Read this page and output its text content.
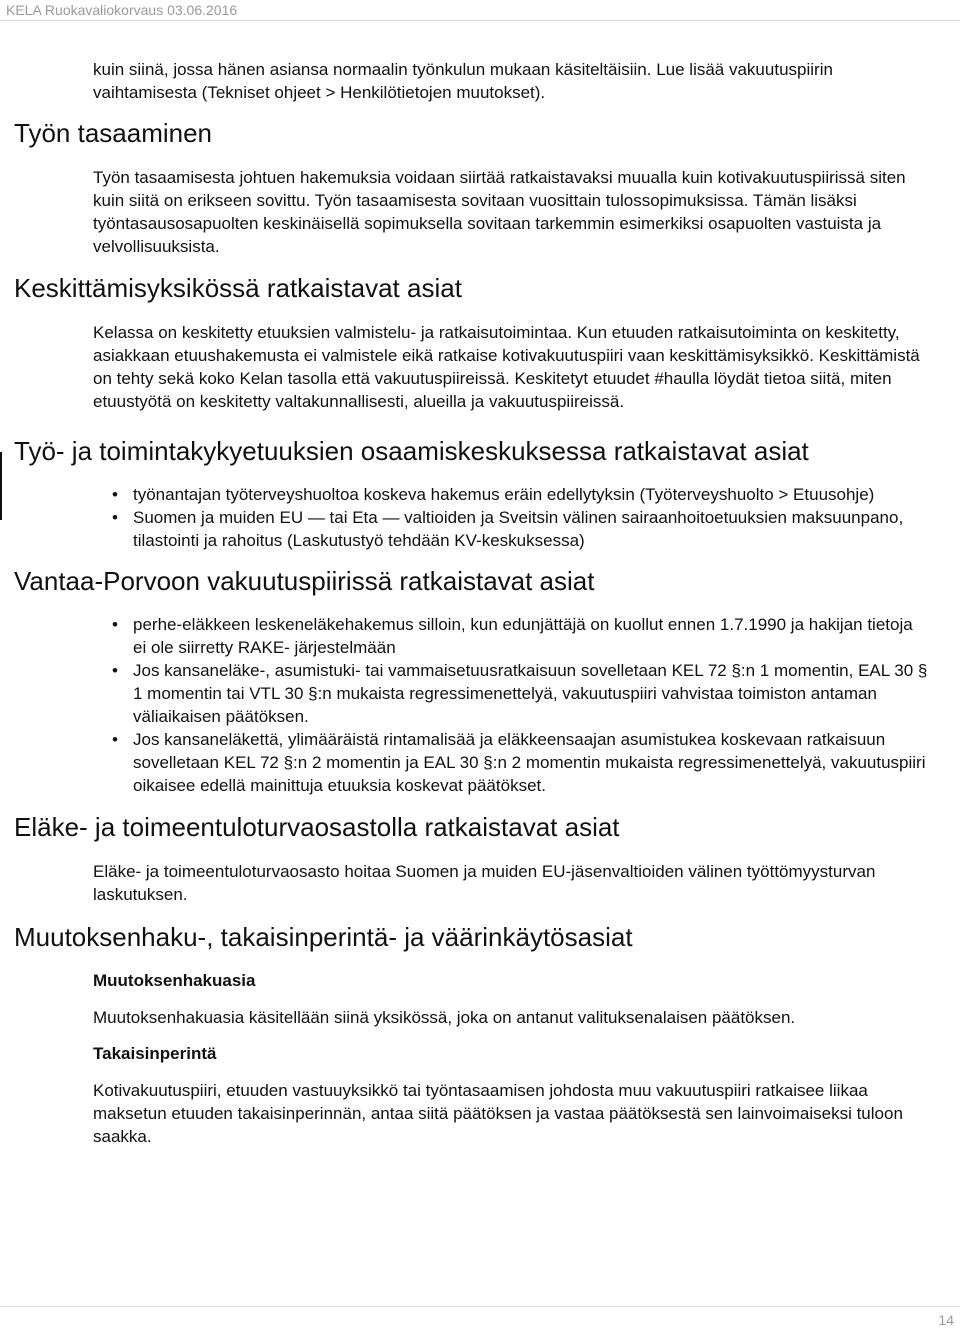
KELA Ruokavaliokorvaus 03.06.2016

kuin siinä, jossa hänen asiansa normaalin työnkulun mukaan käsiteltäisiin. Lue lisää vakuutuspiirin vaihtamisesta (Tekniset ohjeet > Henkilötietojen muutokset).

Työn tasaaminen

Työn tasaamisesta johtuen hakemuksia voidaan siirtää ratkaistavaksi muualla kuin kotivakuutuspiirissä siten kuin siitä on erikseen sovittu. Työn tasaamisesta sovitaan vuosittain tulossopimuksissa. Tämän lisäksi työntasausosapuolten keskinäisellä sopimuksella sovitaan tarkemmin esimerkiksi osapuolten vastuista ja velvollisuuksista.

Keskittämisyksikössä ratkaistavat asiat

Kelassa on keskitetty etuuksien valmistelu- ja ratkaisutoimintaa. Kun etuuden ratkaisutoiminta on keskitetty, asiakkaan etuushakemusta ei valmistele eikä ratkaise kotivakuutuspiiri vaan keskittämisyksikkö. Keskittämistä on tehty sekä koko Kelan tasolla että vakuutuspiireissä. Keskitetyt etuudet #haulla löydät tietoa siitä, miten etuustyötä on keskitetty valtakunnallisesti, alueilla ja vakuutuspiireissä.

Työ- ja toimintakykyetuuksien osaamiskeskuksessa ratkaistavat asiat
• työnantajan työterveyshuoltoa koskeva hakemus eräin edellytyksin (Työterveyshuolto > Etuusohje)
• Suomen ja muiden EU — tai Eta — valtioiden ja Sveitsin välinen sairaanhoitoetuuksien maksuunpano, tilastointi ja rahoitus (Laskutustyö tehdään KV-keskuksessa)
Vantaa-Porvoon vakuutuspiirissä ratkaistavat asiat
• perhe-eläkkeen leskeneläkehakemus silloin, kun edunjättäjä on kuollut ennen 1.7.1990 ja hakijan tietoja ei ole siirretty RAKE- järjestelmään
• Jos kansaneläke-, asumistuki- tai vammaisetuusratkaisuun sovelletaan KEL 72 §:n 1 momentin, EAL 30 § 1 momentin tai VTL 30 §:n mukaista regressimenettelyä, vakuutuspiiri vahvistaa toimiston antaman väliaikaisen päätöksen.
• Jos kansaneläkettä, ylimääräistä rintamalisää ja eläkkeensaajan asumistukea koskevaan ratkaisuun sovelletaan KEL 72 §:n 2 momentin ja EAL 30 §:n 2 momentin mukaista regressimenettelyä, vakuutuspiiri oikaisee edellä mainittuja etuuksia koskevat päätökset.
Eläke- ja toimeentuloturvaosastolla ratkaistavat asiat

Eläke- ja toimeentuloturvaosasto hoitaa Suomen ja muiden EU-jäsenvaltioiden välinen työttömyysturvan laskutuksen.

Muutoksenhaku-, takaisinperintä- ja väärinkäytösasiat
Muutoksenhakuasia

Muutoksenhakuasia käsitellään siinä yksikössä, joka on antanut valituksenalaisen päätöksen.

Takaisinperintä

Kotivakuutuspiiri, etuuden vastuuyksikkö tai työntasaamisen johdosta muu vakuutuspiiri ratkaisee liikaa maksetun etuuden takaisinperinnän, antaa siitä päätöksen ja vastaa päätöksestä sen lainvoimaiseksi tuloon saakka.

14
